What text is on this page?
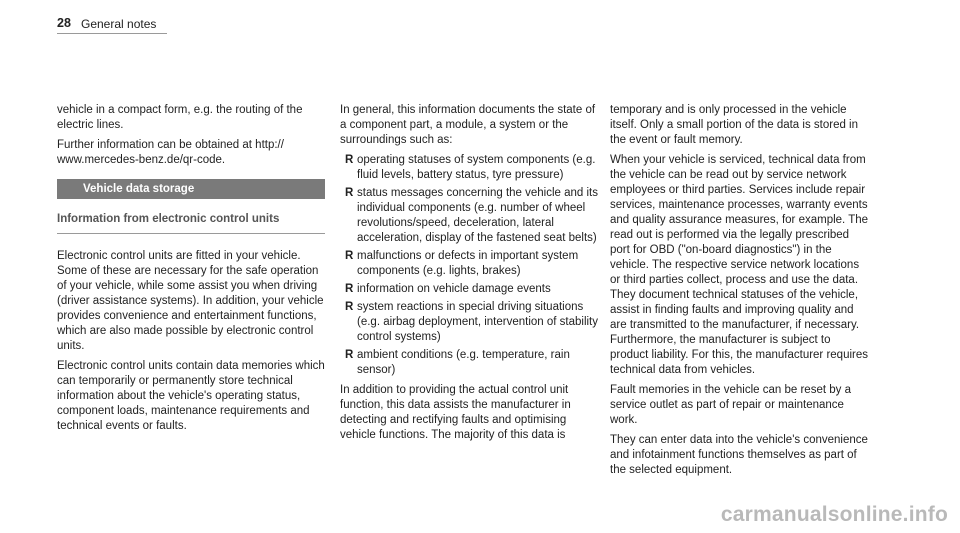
28 General notes

vehicle in a compact form, e.g. the routing of the electric lines.

Further information can be obtained at http:// www.mercedes-benz.de/qr-code.

Vehicle data storage
Information from electronic control units

Electronic control units are fitted in your vehicle. Some of these are necessary for the safe operation of your vehicle, while some assist you when driving (driver assistance systems). In addition, your vehicle provides convenience and entertainment functions, which are also made possible by electronic control units.

Electronic control units contain data memories which can temporarily or permanently store technical information about the vehicle's operating status, component loads, maintenance requirements and technical events or faults.

In general, this information documents the state of a component part, a module, a system or the surroundings such as:

R operating statuses of system components (e.g. fluid levels, battery status, tyre pressure)
R status messages concerning the vehicle and its individual components (e.g. number of wheel revolutions/speed, deceleration, lateral acceleration, display of the fastened seat belts)
R malfunctions or defects in important system components (e.g. lights, brakes)
R information on vehicle damage events
R system reactions in special driving situations (e.g. airbag deployment, intervention of stability control systems)
R ambient conditions (e.g. temperature, rain sensor)

In addition to providing the actual control unit function, this data assists the manufacturer in detecting and rectifying faults and optimising vehicle functions. The majority of this data is

temporary and is only processed in the vehicle itself. Only a small portion of the data is stored in the event or fault memory.

When your vehicle is serviced, technical data from the vehicle can be read out by service network employees or third parties. Services include repair services, maintenance processes, warranty events and quality assurance measures, for example. The read out is performed via the legally prescribed port for OBD ("on-board diagnostics") in the vehicle. The respective service network locations or third parties collect, process and use the data. They document technical statuses of the vehicle, assist in finding faults and improving quality and are transmitted to the manufacturer, if necessary. Furthermore, the manufacturer is subject to product liability. For this, the manufacturer requires technical data from vehicles.

Fault memories in the vehicle can be reset by a service outlet as part of repair or maintenance work.

They can enter data into the vehicle's convenience and infotainment functions themselves as part of the selected equipment.

carmanualsonline.info
